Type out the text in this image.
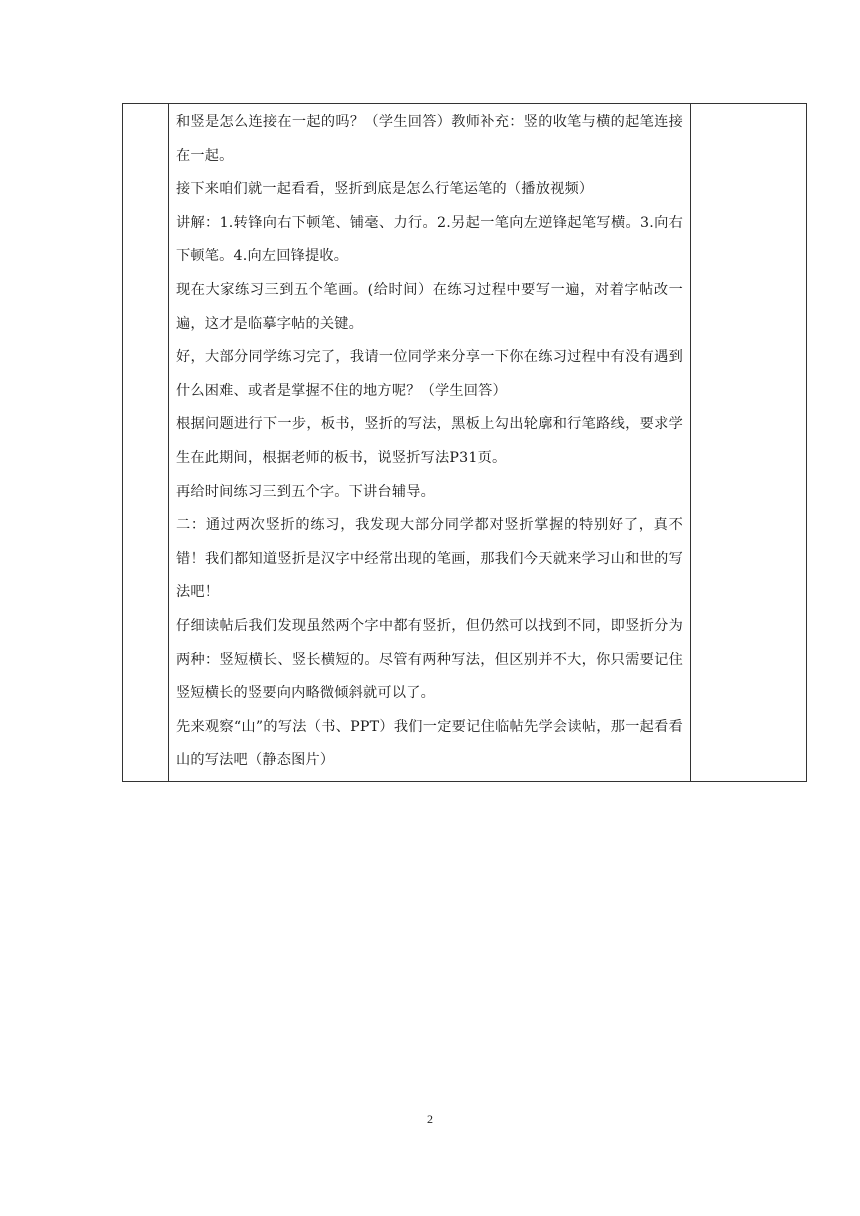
和竖是怎么连接在一起的吗？（学生回答）教师补充：竖的收笔与横的起笔连接在一起。

接下来咱们就一起看看，竖折到底是怎么行笔运笔的（播放视频）

讲解：1.转锋向右下顿笔、铺毫、力行。2.另起一笔向左逆锋起笔写横。3.向右下顿笔。4.向左回锋提收。

现在大家练习三到五个笔画。(给时间）在练习过程中要写一遍，对着字帖改一遍，这才是临摹字帖的关键。

好，大部分同学练习完了，我请一位同学来分享一下你在练习过程中有没有遇到什么困难、或者是掌握不住的地方呢？（学生回答）

根据问题进行下一步，板书，竖折的写法，黑板上勾出轮廓和行笔路线，要求学生在此期间，根据老师的板书，说竖折写法P31页。

再给时间练习三到五个字。下讲台辅导。

二：通过两次竖折的练习，我发现大部分同学都对竖折掌握的特别好了，真不错！我们都知道竖折是汉字中经常出现的笔画，那我们今天就来学习山和世的写法吧！

仔细读帖后我们发现虽然两个字中都有竖折，但仍然可以找到不同，即竖折分为两种：竖短横长、竖长横短的。尽管有两种写法，但区别并不大，你只需要记住竖短横长的竖要向内略微倾斜就可以了。

先来观察“山”的写法（书、PPT）我们一定要记住临帖先学会读帖，那一起看看山的写法吧（静态图片）

2
